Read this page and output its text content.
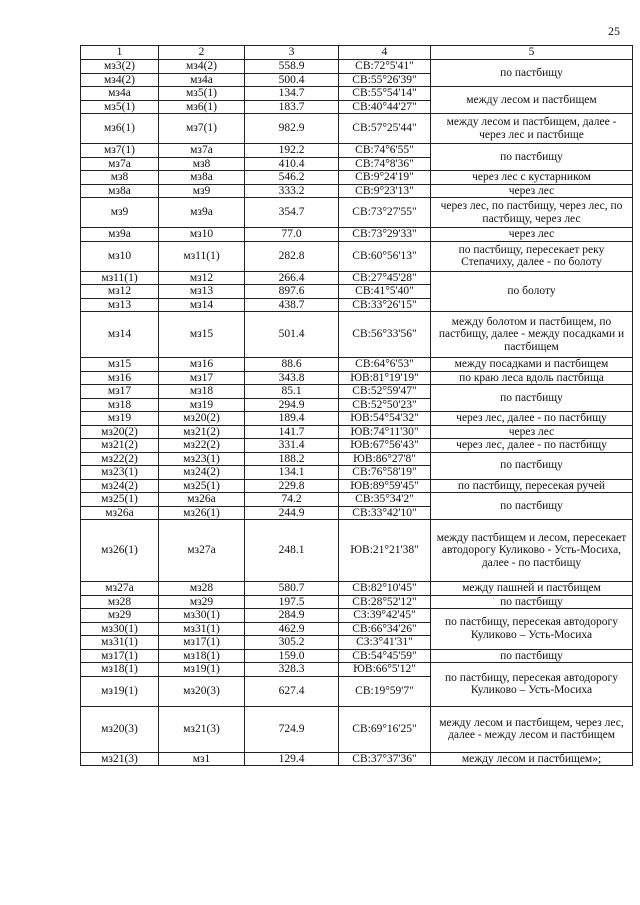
25
1	2	3	4	5
мз3(2)	мз4(2)	558.9	СВ:72°5'41"	по пастбищу
мз4(2)	мз4а	500.4	СВ:55°26'39"	
мз4а	мз5(1)	134.7	СВ:55°54'14"	между лесом и пастбищем
мз5(1)	мз6(1)	183.7	СВ:40°44'27"	
мз6(1)	мз7(1)	982.9	СВ:57°25'44"	между лесом и пастбищем, далее - через лес и пастбище
мз7(1)	мз7а	192.2	СВ:74°6'55"	по пастбищу
мз7а	мз8	410.4	СВ:74°8'36"	
мз8	мз8а	546.2	СВ:9°24'19"	через лес с кустарником
мз8а	мз9	333.2	СВ:9°23'13"	через лес
мз9	мз9а	354.7	СВ:73°27'55"	через лес, по пастбищу, через лес, по пастбищу, через лес
мз9а	мз10	77.0	СВ:73°29'33"	через лес
мз10	мз11(1)	282.8	СВ:60°56'13"	по пастбищу, пересекает реку Степачиху, далее - по болоту
мз11(1)	мз12	266.4	СВ:27°45'28"	по болоту
мз12	мз13	897.6	СВ:41°5'40"	
мз13	мз14	438.7	СВ:33°26'15"	
мз14	мз15	501.4	СВ:56°33'56"	между болотом и пастбищем, по пастбищу, далее - между посадками и пастбищем
мз15	мз16	88.6	СВ:64°6'53"	между посадками и пастбищем
мз16	мз17	343.8	ЮВ:81°19'19"	по краю леса вдоль пастбища
мз17	мз18	85.1	СВ:52°59'47"	по пастбищу
мз18	мз19	294.9	СВ:52°50'23"	
мз19	мз20(2)	189.4	ЮВ:54°54'32"	через лес, далее - по пастбищу
мз20(2)	мз21(2)	141.7	ЮВ:74°11'30"	через лес
мз21(2)	мз22(2)	331.4	ЮВ:67°56'43"	через лес, далее - по пастбищу
мз22(2)	мз23(1)	188.2	ЮВ:86°27'8"	по пастбищу
мз23(1)	мз24(2)	134.1	СВ:76°58'19"	
мз24(2)	мз25(1)	229.8	ЮВ:89°59'45"	по пастбищу, пересекая ручей
мз25(1)	мз26а	74.2	СВ:35°34'2"	по пастбищу
мз26а	мз26(1)	244.9	СВ:33°42'10"	
мз26(1)	мз27а	248.1	ЮВ:21°21'38"	между пастбищем и лесом, пересекает автодорогу Куликово - Усть-Мосиха, далее - по пастбищу
мз27а	мз28	580.7	СВ:82°10'45"	между пашней и пастбищем
мз28	мз29	197.5	СВ:28°52'12"	по пастбищу
мз29	мз30(1)	284.9	СЗ:39°42'45"	по пастбищу, пересекая автодорогу Куликово – Усть-Мосиха
мз30(1)	мз31(1)	462.9	СВ:66°34'26"	
мз31(1)	мз17(1)	305.2	СЗ:3°41'31"	
мз17(1)	мз18(1)	159.0	СВ:54°45'59"	по пастбищу
мз18(1)	мз19(1)	328.3	ЮВ:66°5'12"	по пастбищу, пересекая автодорогу Куликово – Усть-Мосиха
мз19(1)	мз20(3)	627.4	СВ:19°59'7"	
мз20(3)	мз21(3)	724.9	СВ:69°16'25"	между лесом и пастбищем, через лес, далее - между лесом и пастбищем
мз21(3)	мз1	129.4	СВ:37°37'36"	между лесом и пастбищем»;
